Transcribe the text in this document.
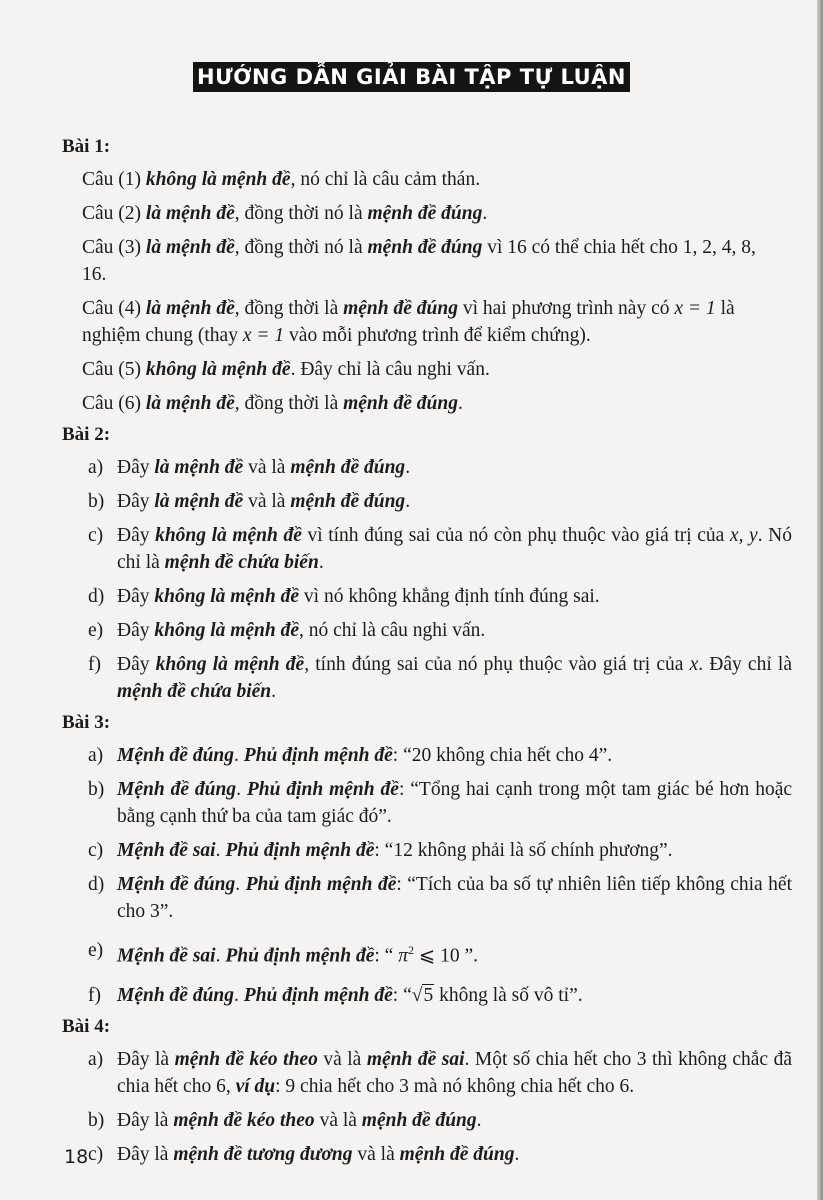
HƯỚNG DẪN GIẢI BÀI TẬP TỰ LUẬN
Bài 1:
Câu (1) không là mệnh đề, nó chỉ là câu cảm thán.
Câu (2) là mệnh đề, đồng thời nó là mệnh đề đúng.
Câu (3) là mệnh đề, đồng thời nó là mệnh đề đúng vì 16 có thể chia hết cho 1, 2, 4, 8, 16.
Câu (4) là mệnh đề, đồng thời là mệnh đề đúng vì hai phương trình này có x = 1 là nghiệm chung (thay x = 1 vào mỗi phương trình để kiểm chứng).
Câu (5) không là mệnh đề. Đây chỉ là câu nghi vấn.
Câu (6) là mệnh đề, đồng thời là mệnh đề đúng.
Bài 2:
a) Đây là mệnh đề và là mệnh đề đúng.
b) Đây là mệnh đề và là mệnh đề đúng.
c) Đây không là mệnh đề vì tính đúng sai của nó còn phụ thuộc vào giá trị của x, y. Nó chỉ là mệnh đề chứa biến.
d) Đây không là mệnh đề vì nó không khẳng định tính đúng sai.
e) Đây không là mệnh đề, nó chỉ là câu nghi vấn.
f) Đây không là mệnh đề, tính đúng sai của nó phụ thuộc vào giá trị của x. Đây chỉ là mệnh đề chứa biến.
Bài 3:
a) Mệnh đề đúng. Phủ định mệnh đề: “20 không chia hết cho 4”.
b) Mệnh đề đúng. Phủ định mệnh đề: “Tổng hai cạnh trong một tam giác bé hơn hoặc bằng cạnh thứ ba của tam giác đó”.
c) Mệnh đề sai. Phủ định mệnh đề: “12 không phải là số chính phương”.
d) Mệnh đề đúng. Phủ định mệnh đề: “Tích của ba số tự nhiên liên tiếp không chia hết cho 3”.
e) Mệnh đề sai. Phủ định mệnh đề: “ $\pi^2$ ⩽ 10 ”.
f) Mệnh đề đúng. Phủ định mệnh đề: “√5 không là số vô tỉ”.
Bài 4:
a) Đây là mệnh đề kéo theo và là mệnh đề sai. Một số chia hết cho 3 thì không chắc đã chia hết cho 6, ví dụ: 9 chia hết cho 3 mà nó không chia hết cho 6.
b) Đây là mệnh đề kéo theo và là mệnh đề đúng.
c) Đây là mệnh đề tương đương và là mệnh đề đúng.
18
